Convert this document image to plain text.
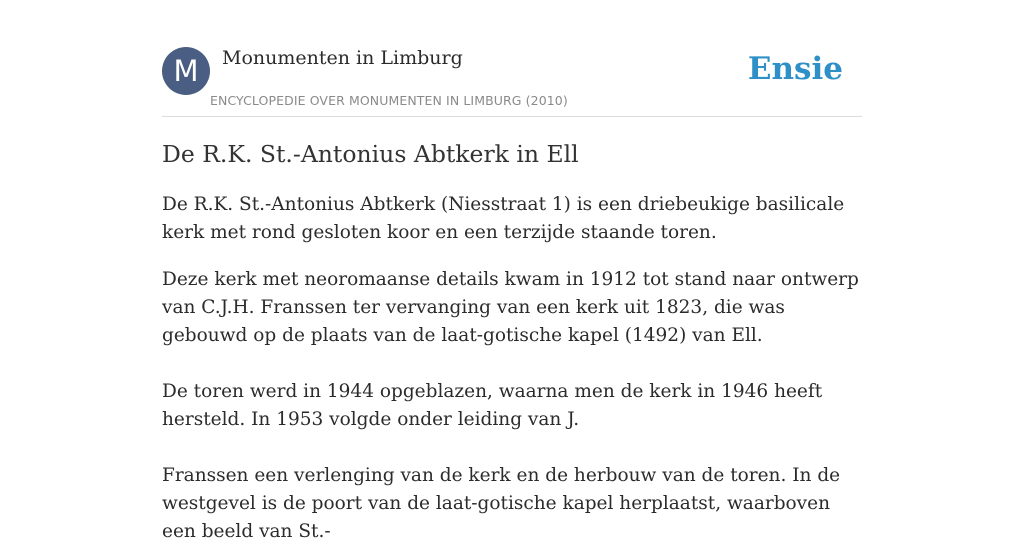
M	Monumenten in Limburg
ENCYCLOPEDIE OVER MONUMENTEN IN LIMBURG (2010)
Ensie
De R.K. St.-Antonius Abtkerk in Ell

De R.K. St.-Antonius Abtkerk (Niesstraat 1) is een driebeukige basilicale kerk met rond gesloten koor en een terzijde staande toren.

Deze kerk met neoromaanse details kwam in 1912 tot stand naar ontwerp van C.J.H. Franssen ter vervanging van een kerk uit 1823, die was gebouwd op de plaats van de laat-gotische kapel (1492) van Ell.

De toren werd in 1944 opgeblazen, waarna men de kerk in 1946 heeft hersteld. In 1953 volgde onder leiding van J.

Franssen een verlenging van de kerk en de herbouw van de toren. In de westgevel is de poort van de laat-gotische kapel herplaatst, waarboven een beeld van St.-
